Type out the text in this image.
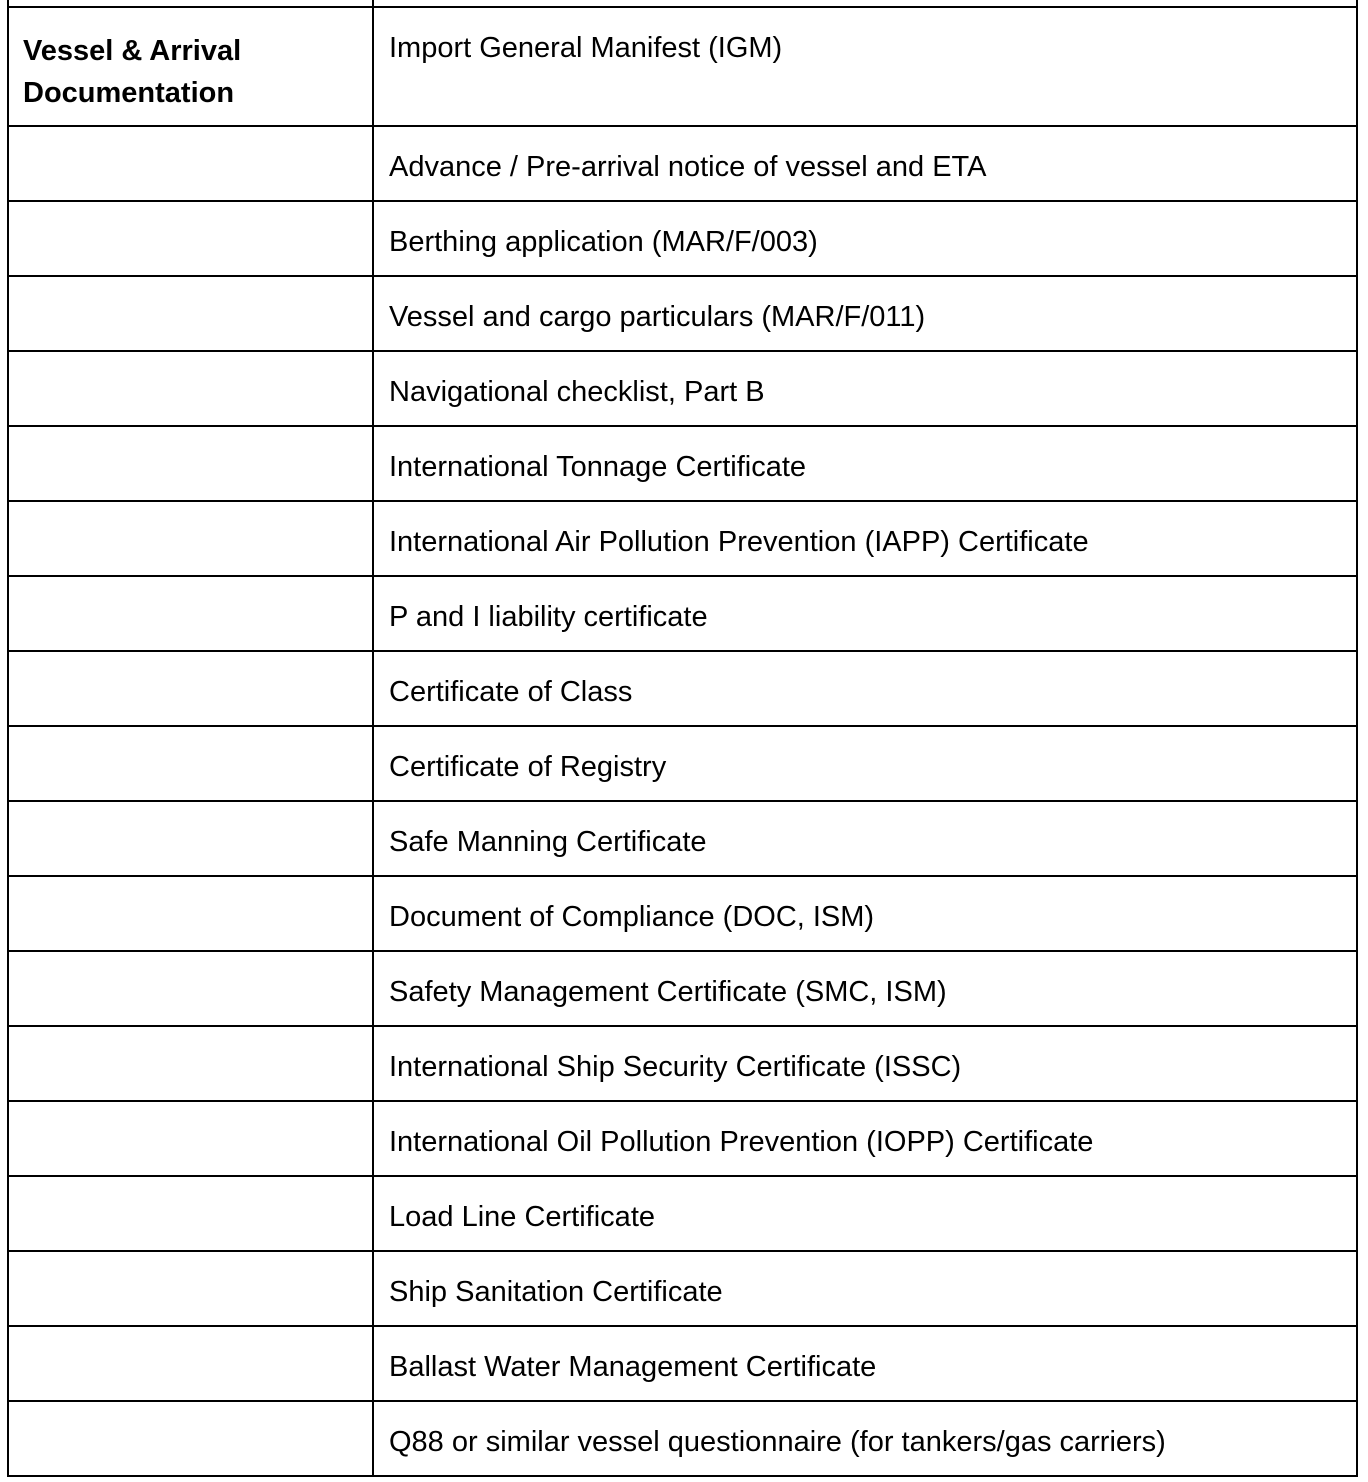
Vessel & Arrival Documentation	Import General Manifest (IGM)
	Advance / Pre-arrival notice of vessel and ETA
	Berthing application (MAR/F/003)
	Vessel and cargo particulars (MAR/F/011)
	Navigational checklist, Part B
	International Tonnage Certificate
	International Air Pollution Prevention (IAPP) Certificate
	P and I liability certificate
	Certificate of Class
	Certificate of Registry
	Safe Manning Certificate
	Document of Compliance (DOC, ISM)
	Safety Management Certificate (SMC, ISM)
	International Ship Security Certificate (ISSC)
	International Oil Pollution Prevention (IOPP) Certificate
	Load Line Certificate
	Ship Sanitation Certificate
	Ballast Water Management Certificate
	Q88 or similar vessel questionnaire (for tankers/gas carriers)
